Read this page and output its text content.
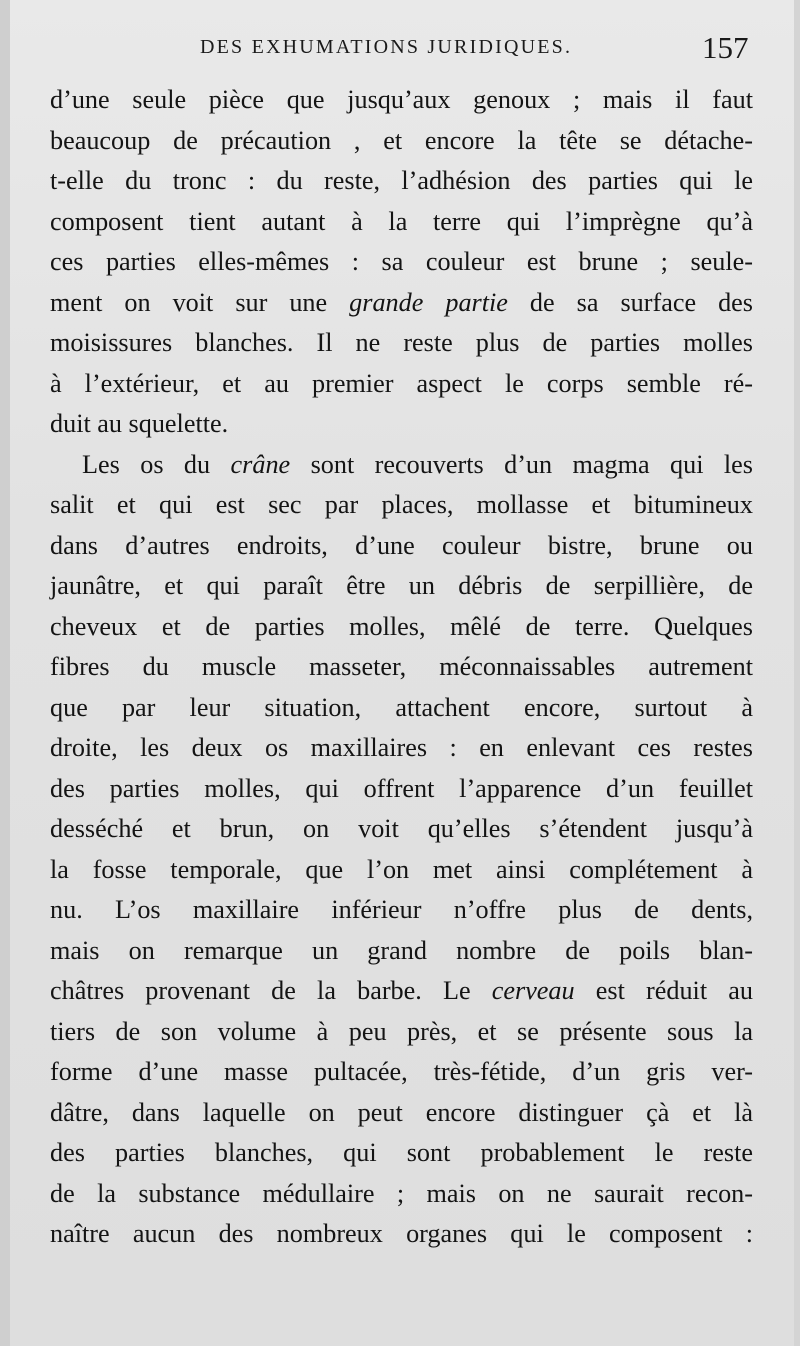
DES EXHUMATIONS JURIDIQUES.	157
d’une seule pièce que jusqu’aux genoux ; mais il faut
beaucoup de précaution , et encore la tête se détache-
t-elle du tronc : du reste, l’adhésion des parties qui le
composent tient autant à la terre qui l’imprègne qu’à
ces parties elles-mêmes : sa couleur est brune ; seule-
ment on voit sur une grande partie de sa surface des
moisissures blanches. Il ne reste plus de parties molles
à l’extérieur, et au premier aspect le corps semble ré-
duit au squelette.
Les os du crâne sont recouverts d’un magma qui les
salit et qui est sec par places, mollasse et bitumineux
dans d’autres endroits, d’une couleur bistre, brune ou
jaunâtre, et qui paraît être un débris de serpillière, de
cheveux et de parties molles, mêlé de terre. Quelques
fibres du muscle masseter, méconnaissables autrement
que par leur situation, attachent encore, surtout à
droite, les deux os maxillaires : en enlevant ces restes
des parties molles, qui offrent l’apparence d’un feuillet
desséché et brun, on voit qu’elles s’étendent jusqu’à
la fosse temporale, que l’on met ainsi complétement à
nu. L’os maxillaire inférieur n’offre plus de dents,
mais on remarque un grand nombre de poils blan-
châtres provenant de la barbe. Le cerveau est réduit au
tiers de son volume à peu près, et se présente sous la
forme d’une masse pultacée, très-fétide, d’un gris ver-
dâtre, dans laquelle on peut encore distinguer çà et là
des parties blanches, qui sont probablement le reste
de la substance médullaire ; mais on ne saurait recon-
naître aucun des nombreux organes qui le composent :
